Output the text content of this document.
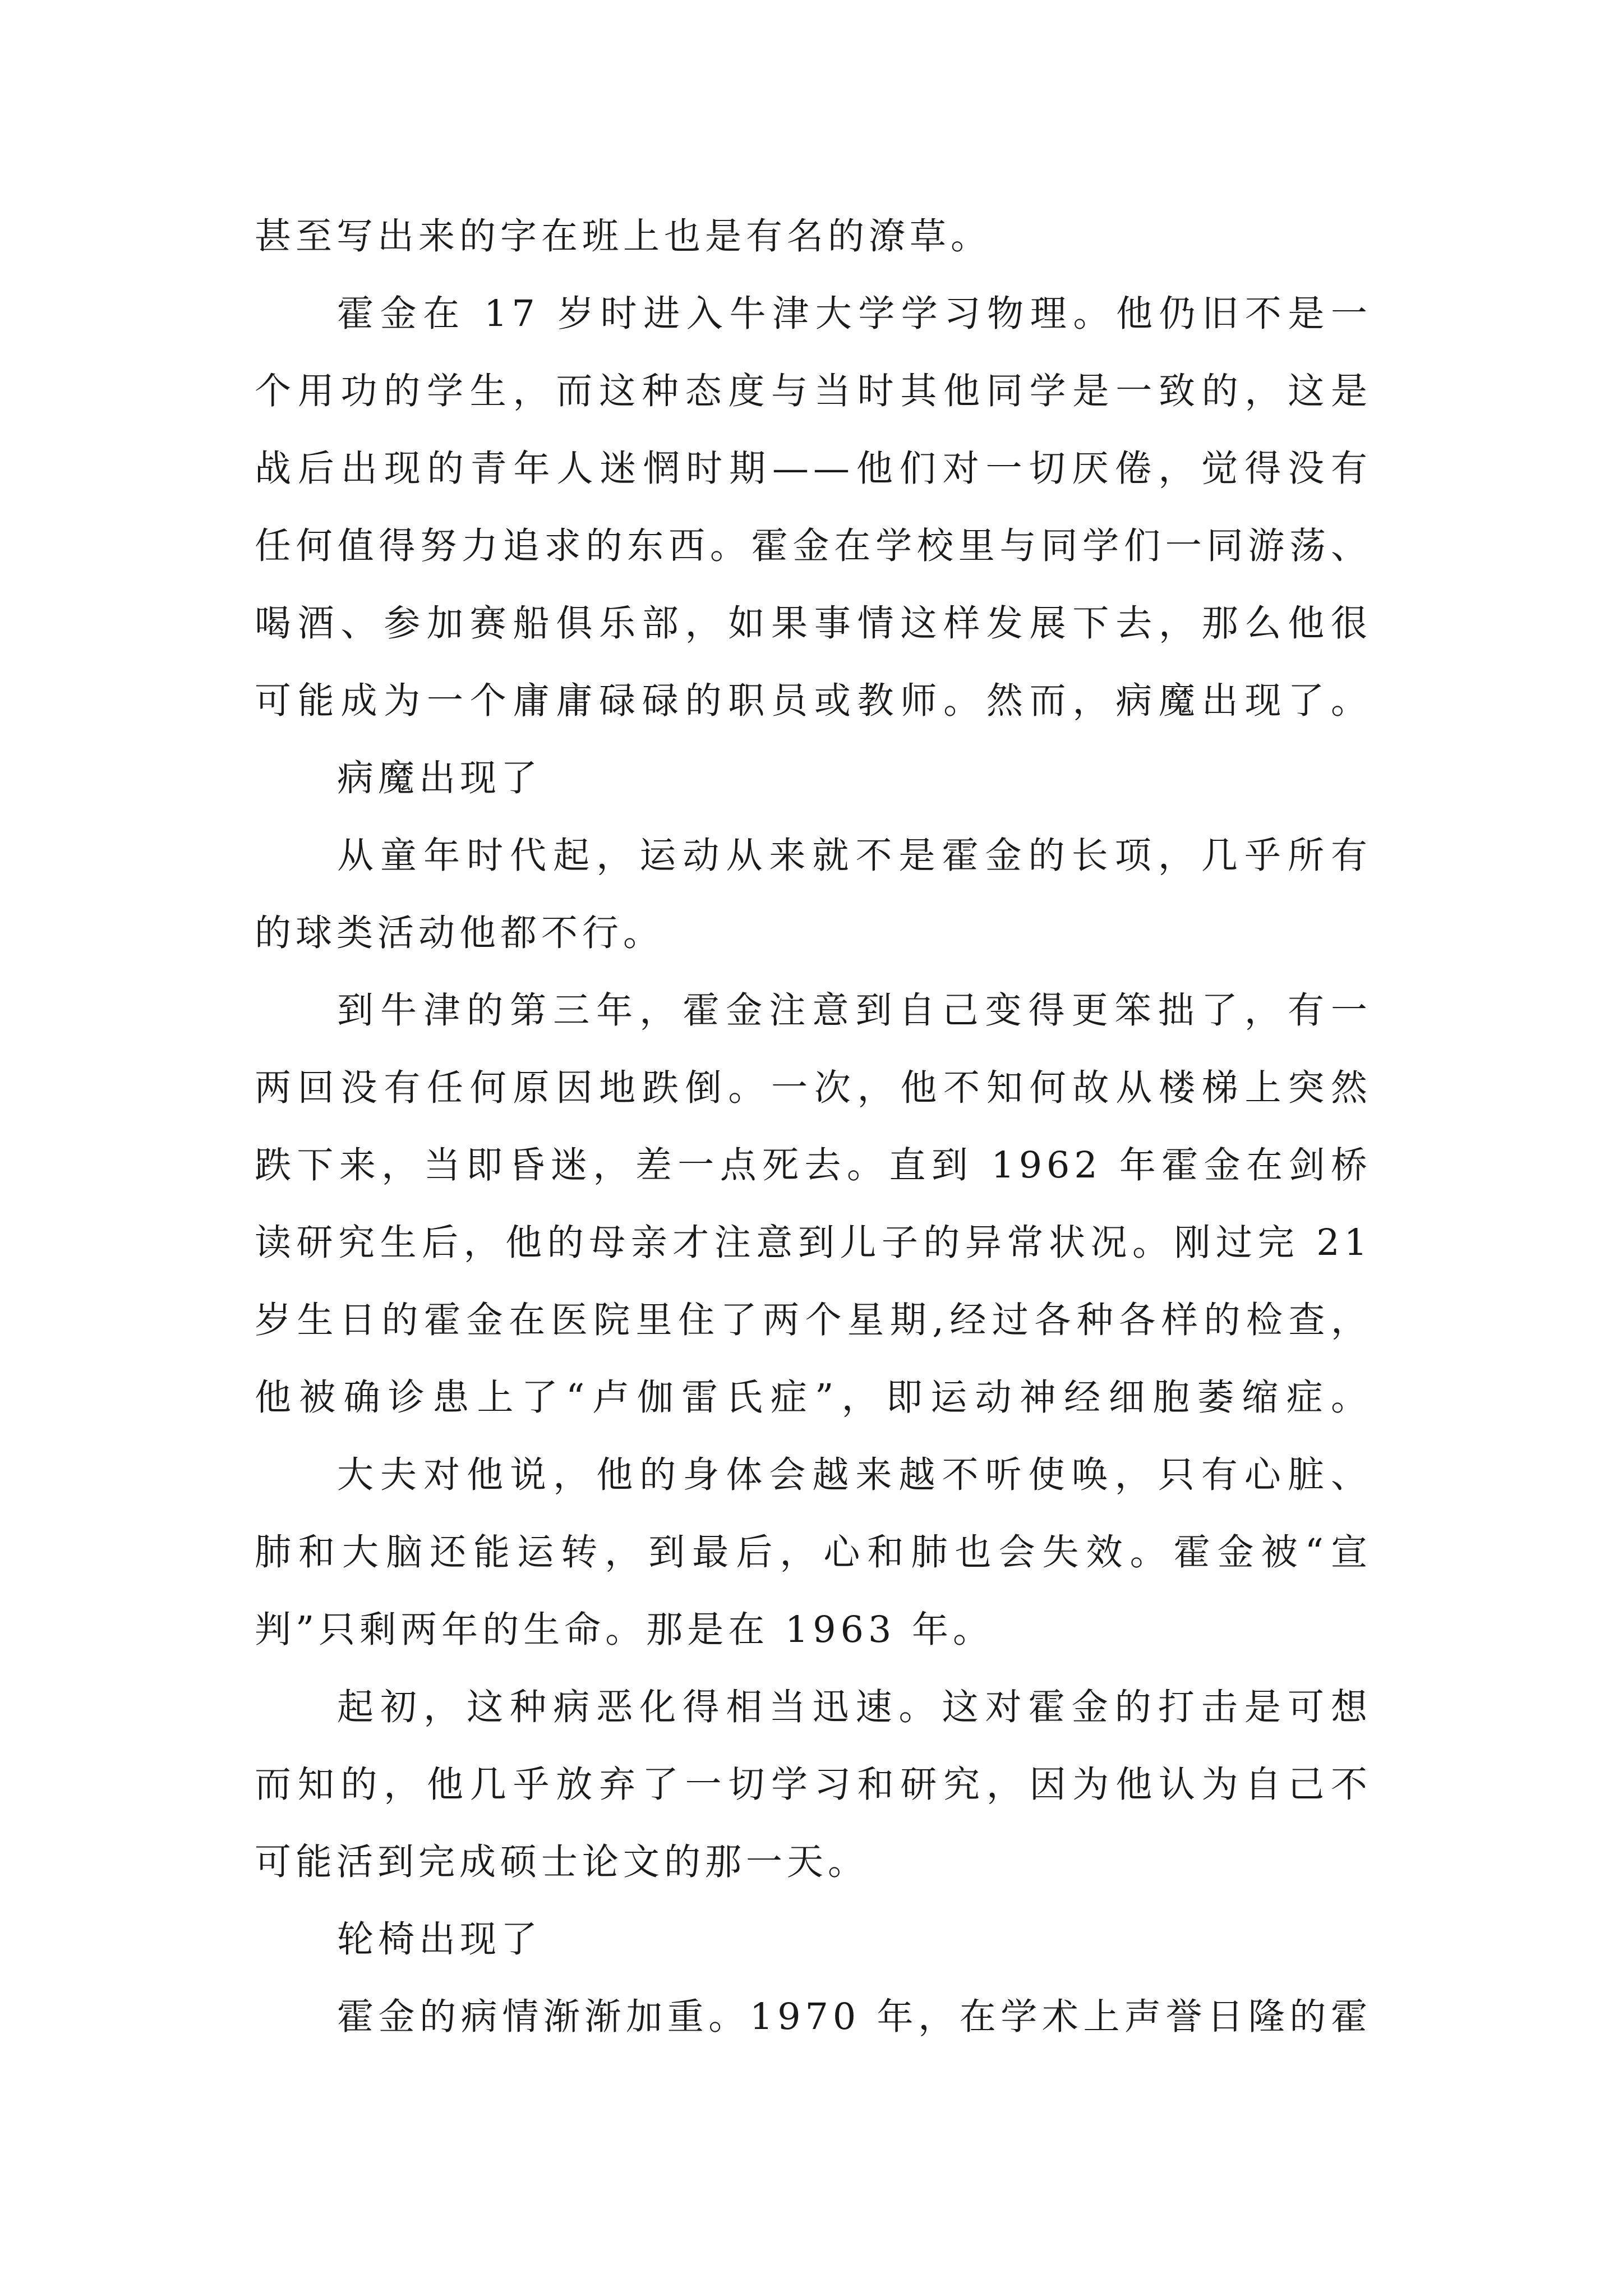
甚至写出来的字在班上也是有名的潦草。
霍金在 17 岁时进入牛津大学学习物理。他仍旧不是一
个用功的学生，而这种态度与当时其他同学是一致的，这是
战后出现的青年人迷惘时期——他们对一切厌倦，觉得没有
任何值得努力追求的东西。霍金在学校里与同学们一同游荡、
喝酒、参加赛船俱乐部，如果事情这样发展下去，那么他很
可能成为一个庸庸碌碌的职员或教师。然而，病魔出现了。
病魔出现了
从童年时代起，运动从来就不是霍金的长项，几乎所有
的球类活动他都不行。
到牛津的第三年，霍金注意到自己变得更笨拙了，有一
两回没有任何原因地跌倒。一次，他不知何故从楼梯上突然
跌下来，当即昏迷，差一点死去。直到 1962 年霍金在剑桥
读研究生后，他的母亲才注意到儿子的异常状况。刚过完 21
岁生日的霍金在医院里住了两个星期,经过各种各样的检查，
他被确诊患上了“卢伽雷氏症”，即运动神经细胞萎缩症。
大夫对他说，他的身体会越来越不听使唤，只有心脏、
肺和大脑还能运转，到最后，心和肺也会失效。霍金被“宣
判”只剩两年的生命。那是在 1963 年。
起初，这种病恶化得相当迅速。这对霍金的打击是可想
而知的，他几乎放弃了一切学习和研究，因为他认为自己不
可能活到完成硕士论文的那一天。
轮椅出现了
霍金的病情渐渐加重。1970 年，在学术上声誉日隆的霍
